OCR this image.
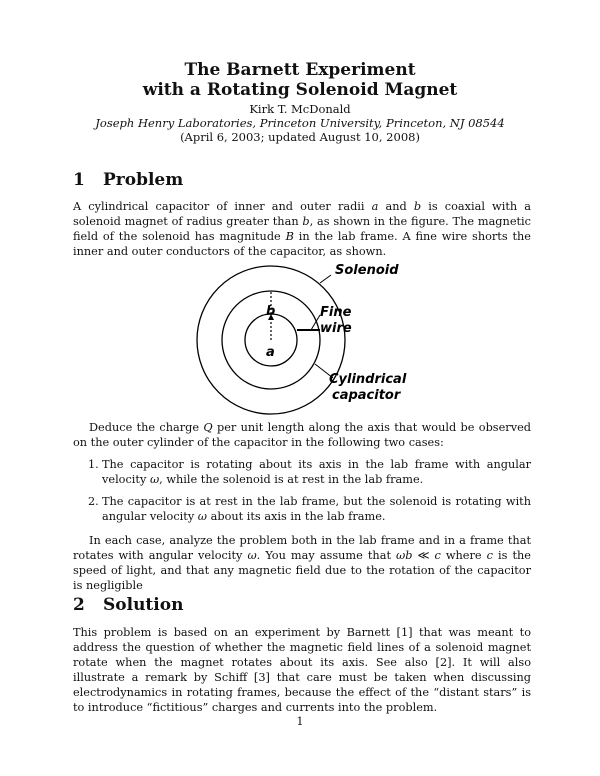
The Barnett Experiment
with a Rotating Solenoid Magnet
Kirk T. McDonald
Joseph Henry Laboratories, Princeton University, Princeton, NJ 08544
(April 6, 2003; updated August 10, 2008)
1 Problem
A cylindrical capacitor of inner and outer radii a and b is coaxial with a solenoid magnet of radius greater than b, as shown in the figure. The magnetic field of the solenoid has magnitude B in the lab frame. A fine wire shorts the inner and outer conductors of the capacitor, as shown.
Solenoid
Fine
wire
b
a
Cylindrical
capacitor
Deduce the charge Q per unit length along the axis that would be observed on the outer cylinder of the capacitor in the following two cases:
1. The capacitor is rotating about its axis in the lab frame with angular velocity ω, while the solenoid is at rest in the lab frame.
2. The capacitor is at rest in the lab frame, but the solenoid is rotating with angular velocity ω about its axis in the lab frame.
In each case, analyze the problem both in the lab frame and in a frame that rotates with angular velocity ω. You may assume that ωb ≪ c where c is the speed of light, and that any magnetic field due to the rotation of the capacitor is negligible
2 Solution
This problem is based on an experiment by Barnett [1] that was meant to address the question of whether the magnetic field lines of a solenoid magnet rotate when the magnet rotates about its axis. See also [2]. It will also illustrate a remark by Schiff [3] that care must be taken when discussing electrodynamics in rotating frames, because the effect of the “distant stars” is to introduce “fictitious” charges and currents into the problem.
1
